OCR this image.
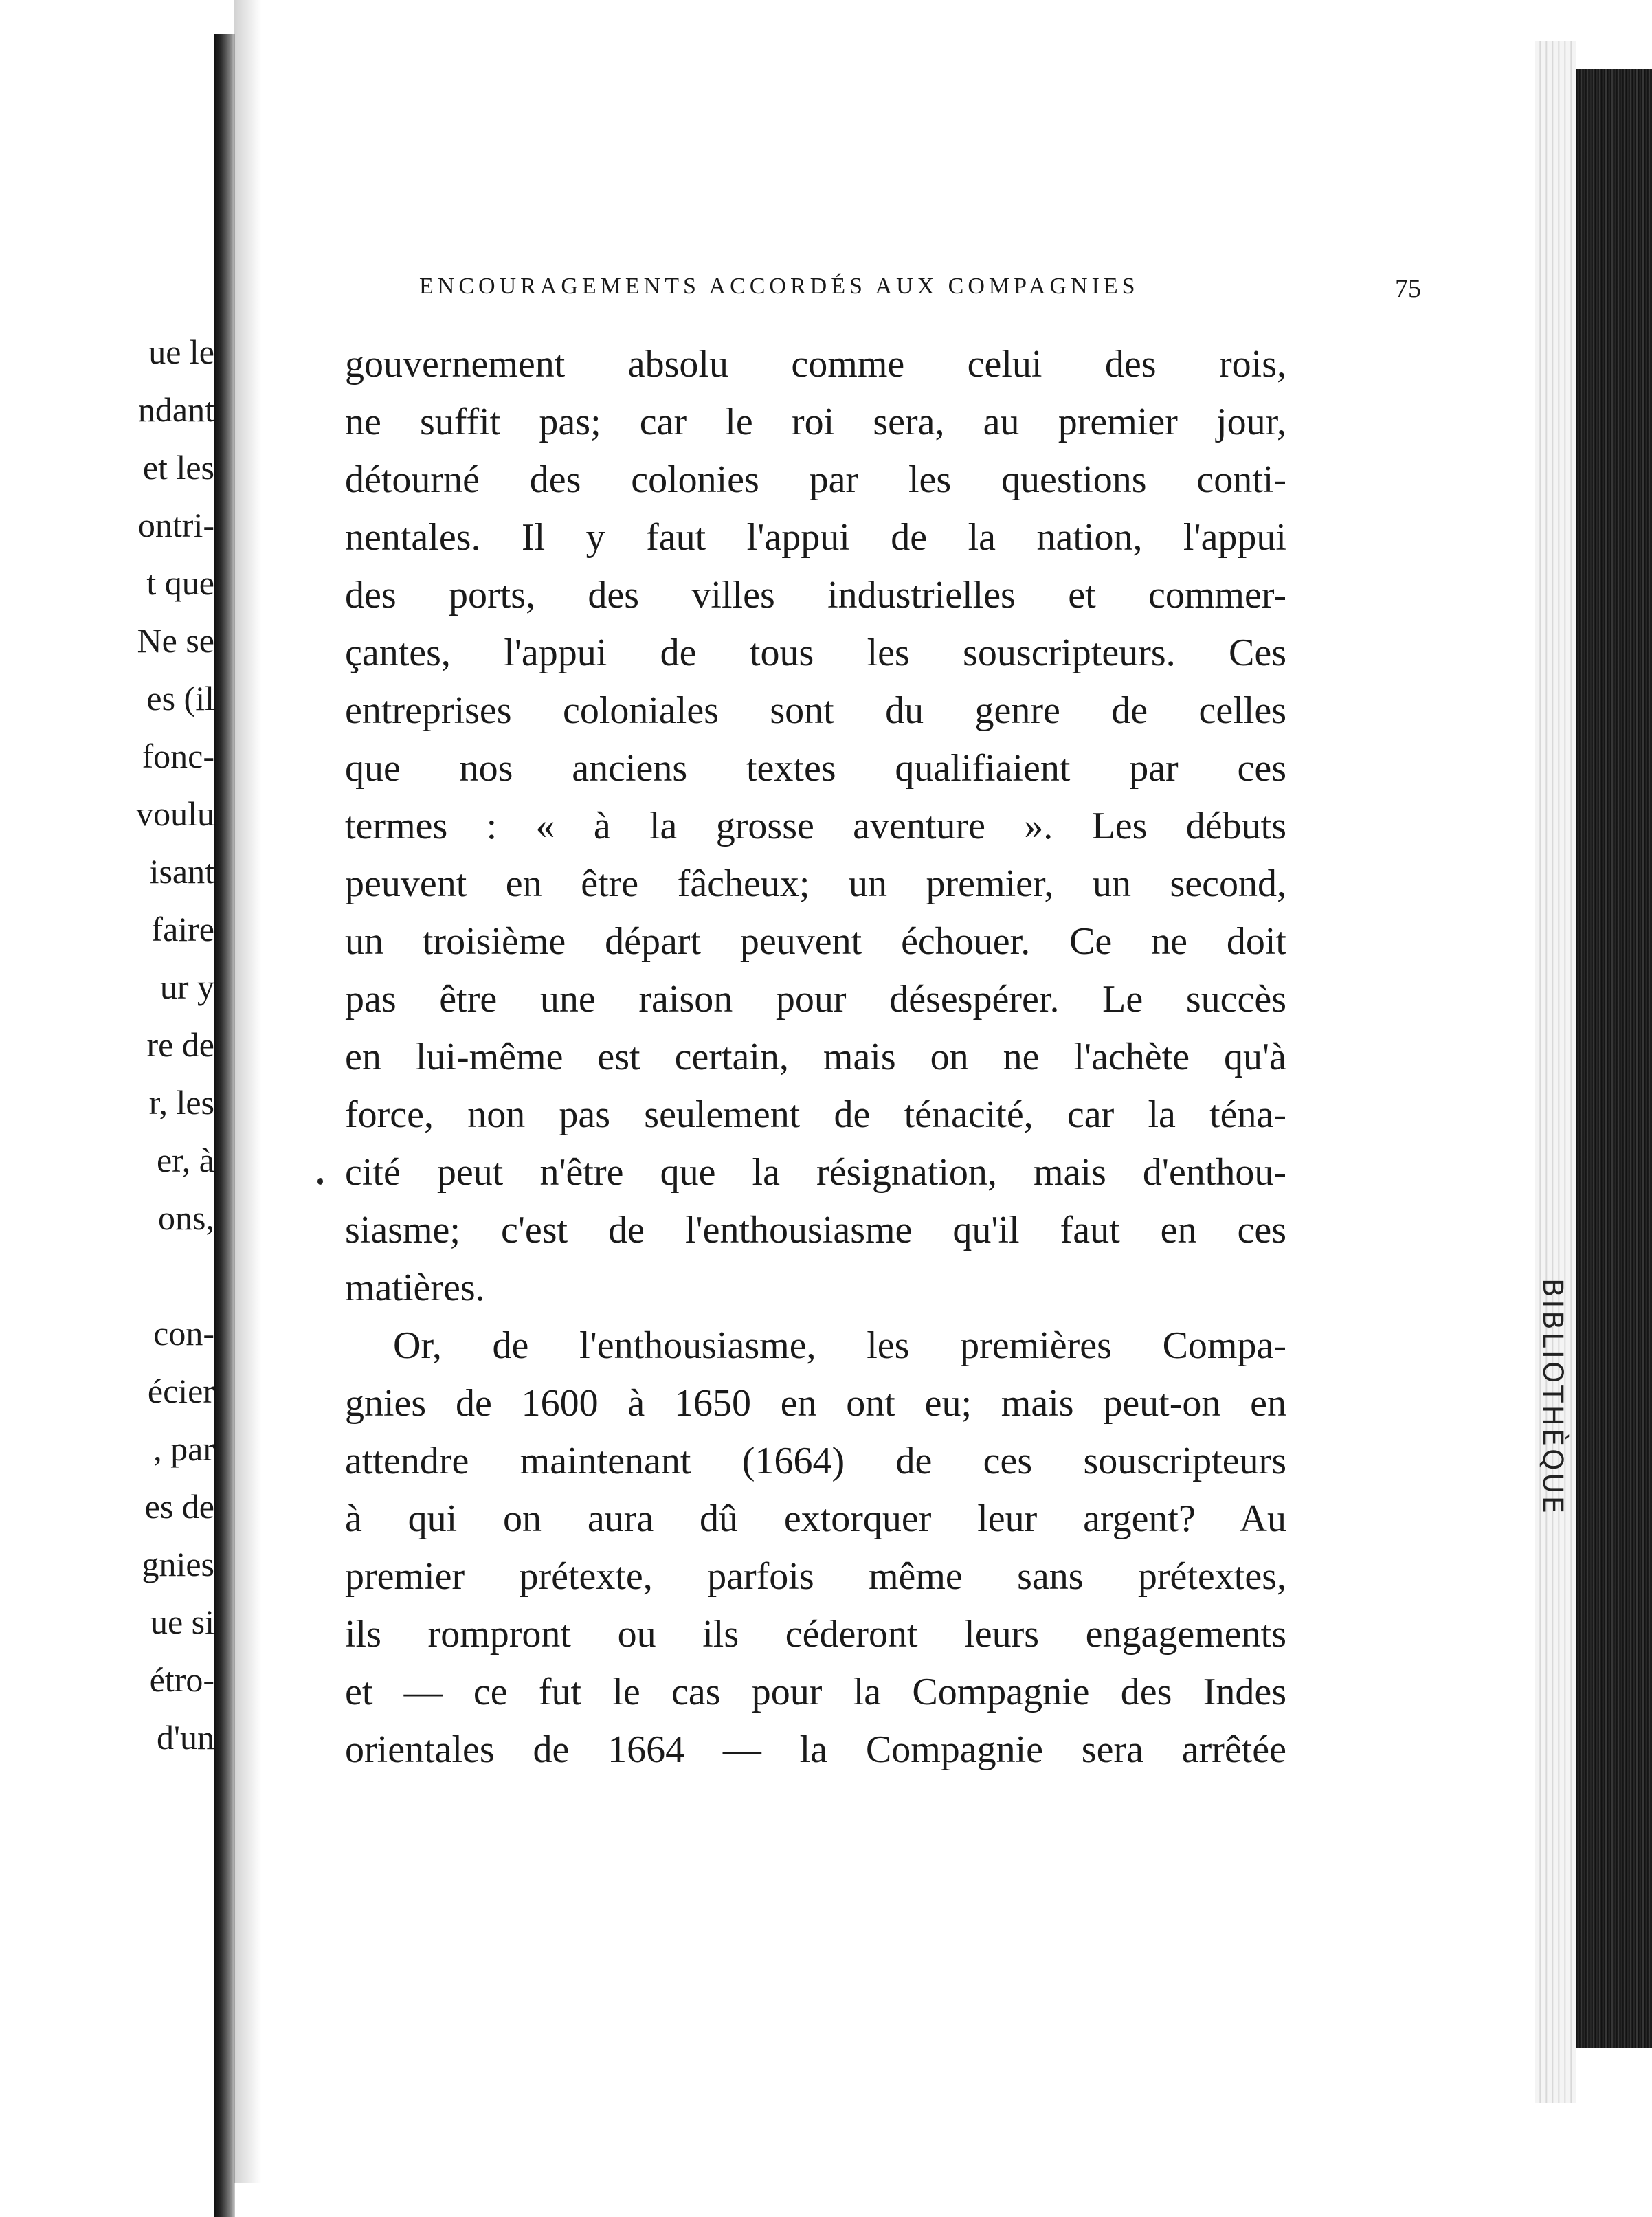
ue le
ndant
et les
ontri-
t que
Ne se
es (il
fonc-
voulu
isant
faire
ur y
re de
r, les
er, à
ons,
con-
écier
, par
es de
gnies
ue si
étro-
d'un
ENCOURAGEMENTS ACCORDÉS AUX COMPAGNIES	75
gouvernement absolu comme celui des rois,
ne suffit pas; car le roi sera, au premier jour,
détourné des colonies par les questions conti-
nentales. Il y faut l'appui de la nation, l'appui
des ports, des villes industrielles et commer-
çantes, l'appui de tous les souscripteurs. Ces
entreprises coloniales sont du genre de celles
que nos anciens textes qualifiaient par ces
termes : « à la grosse aventure ». Les débuts
peuvent en être fâcheux; un premier, un second,
un troisième départ peuvent échouer. Ce ne doit
pas être une raison pour désespérer. Le succès
en lui-même est certain, mais on ne l'achète qu'à
force, non pas seulement de ténacité, car la téna-
cité peut n'être que la résignation, mais d'enthou-
siasme; c'est de l'enthousiasme qu'il faut en ces
matières.
Or, de l'enthousiasme, les premières Compa-
gnies de 1600 à 1650 en ont eu; mais peut-on en
attendre maintenant (1664) de ces souscripteurs
à qui on aura dû extorquer leur argent? Au
premier prétexte, parfois même sans prétextes,
ils rompront ou ils céderont leurs engagements
et — ce fut le cas pour la Compagnie des Indes
orientales de 1664 — la Compagnie sera arrêtée
BIBLIOTHÈQUE
